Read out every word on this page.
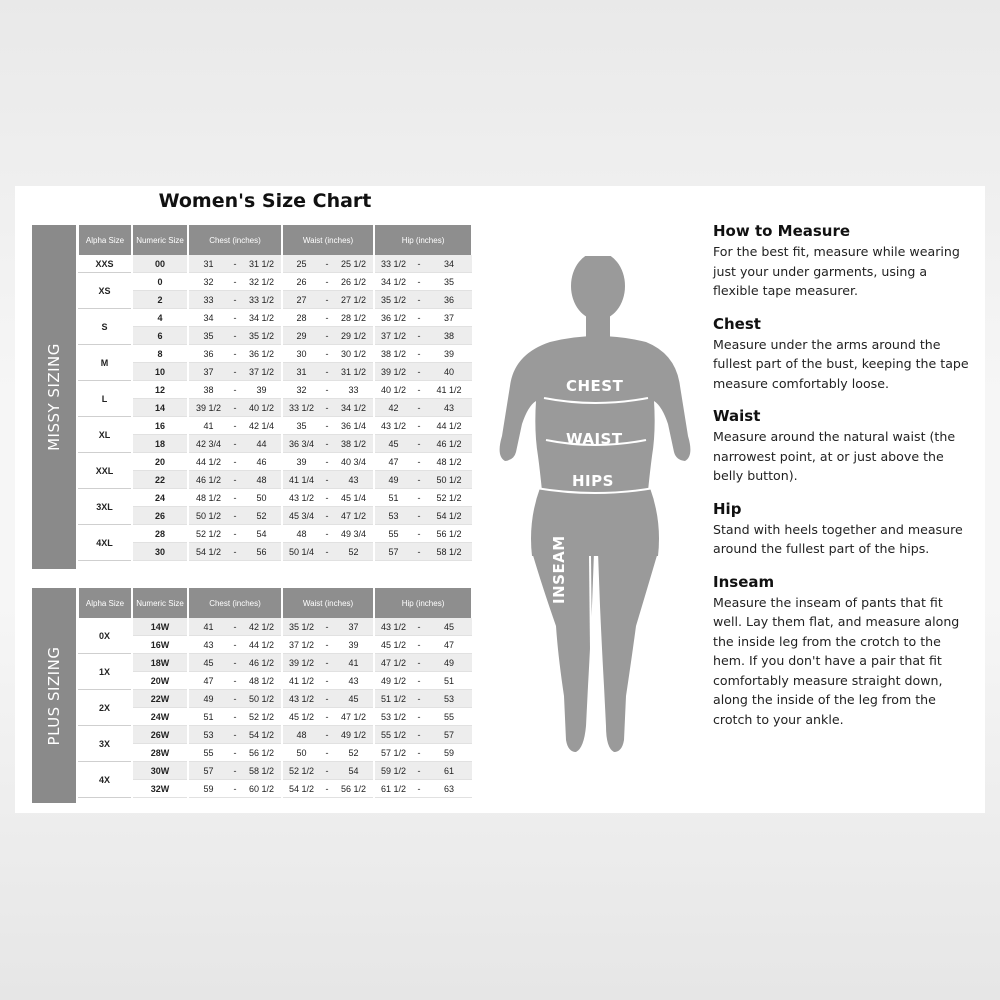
Women's Size Chart
MISSY SIZING
Alpha Size	Numeric Size	Chest (inches)			Waist (inches)			Hip (inches)		
XXS	00	31	-	31 1/2	25	-	25 1/2	33 1/2	-	34
XS	0	32	-	32 1/2	26	-	26 1/2	34 1/2	-	35
	2	33	-	33 1/2	27	-	27 1/2	35 1/2	-	36
S	4	34	-	34 1/2	28	-	28 1/2	36 1/2	-	37
	6	35	-	35 1/2	29	-	29 1/2	37 1/2	-	38
M	8	36	-	36 1/2	30	-	30 1/2	38 1/2	-	39
	10	37	-	37 1/2	31	-	31 1/2	39 1/2	-	40
L	12	38	-	39	32	-	33	40 1/2	-	41 1/2
	14	39 1/2	-	40 1/2	33 1/2	-	34 1/2	42	-	43
XL	16	41	-	42 1/4	35	-	36 1/4	43 1/2	-	44 1/2
	18	42 3/4	-	44	36 3/4	-	38 1/2	45	-	46 1/2
XXL	20	44 1/2	-	46	39	-	40 3/4	47	-	48 1/2
	22	46 1/2	-	48	41 1/4	-	43	49	-	50 1/2
3XL	24	48 1/2	-	50	43 1/2	-	45 1/4	51	-	52 1/2
	26	50 1/2	-	52	45 3/4	-	47 1/2	53	-	54 1/2
4XL	28	52 1/2	-	54	48	-	49 3/4	55	-	56 1/2
	30	54 1/2	-	56	50 1/4	-	52	57	-	58 1/2
PLUS SIZING
Alpha Size	Numeric Size	Chest (inches)			Waist (inches)			Hip (inches)		
0X	14W	41	-	42 1/2	35 1/2	-	37	43 1/2	-	45
	16W	43	-	44 1/2	37 1/2	-	39	45 1/2	-	47
1X	18W	45	-	46 1/2	39 1/2	-	41	47 1/2	-	49
	20W	47	-	48 1/2	41 1/2	-	43	49 1/2	-	51
2X	22W	49	-	50 1/2	43 1/2	-	45	51 1/2	-	53
	24W	51	-	52 1/2	45 1/2	-	47 1/2	53 1/2	-	55
3X	26W	53	-	54 1/2	48	-	49 1/2	55 1/2	-	57
	28W	55	-	56 1/2	50	-	52	57 1/2	-	59
4X	30W	57	-	58 1/2	52 1/2	-	54	59 1/2	-	61
	32W	59	-	60 1/2	54 1/2	-	56 1/2	61 1/2	-	63
CHEST
WAIST
HIPS
INSEAM
How to Measure

For the best fit, measure while wearing just your under garments, using a flexible tape measurer.

Chest

Measure under the arms around the fullest part of the bust, keeping the tape measure comfortably loose.

Waist

Measure around the natural waist (the narrowest point, at or just above the belly button).

Hip

Stand with heels together and measure around the fullest part of the hips.

Inseam

Measure the inseam of pants that fit well. Lay them flat, and measure along the inside leg from the crotch to the hem. If you don't have a pair that fit comfortably measure straight down, along the inside of the leg from the crotch to your ankle.
